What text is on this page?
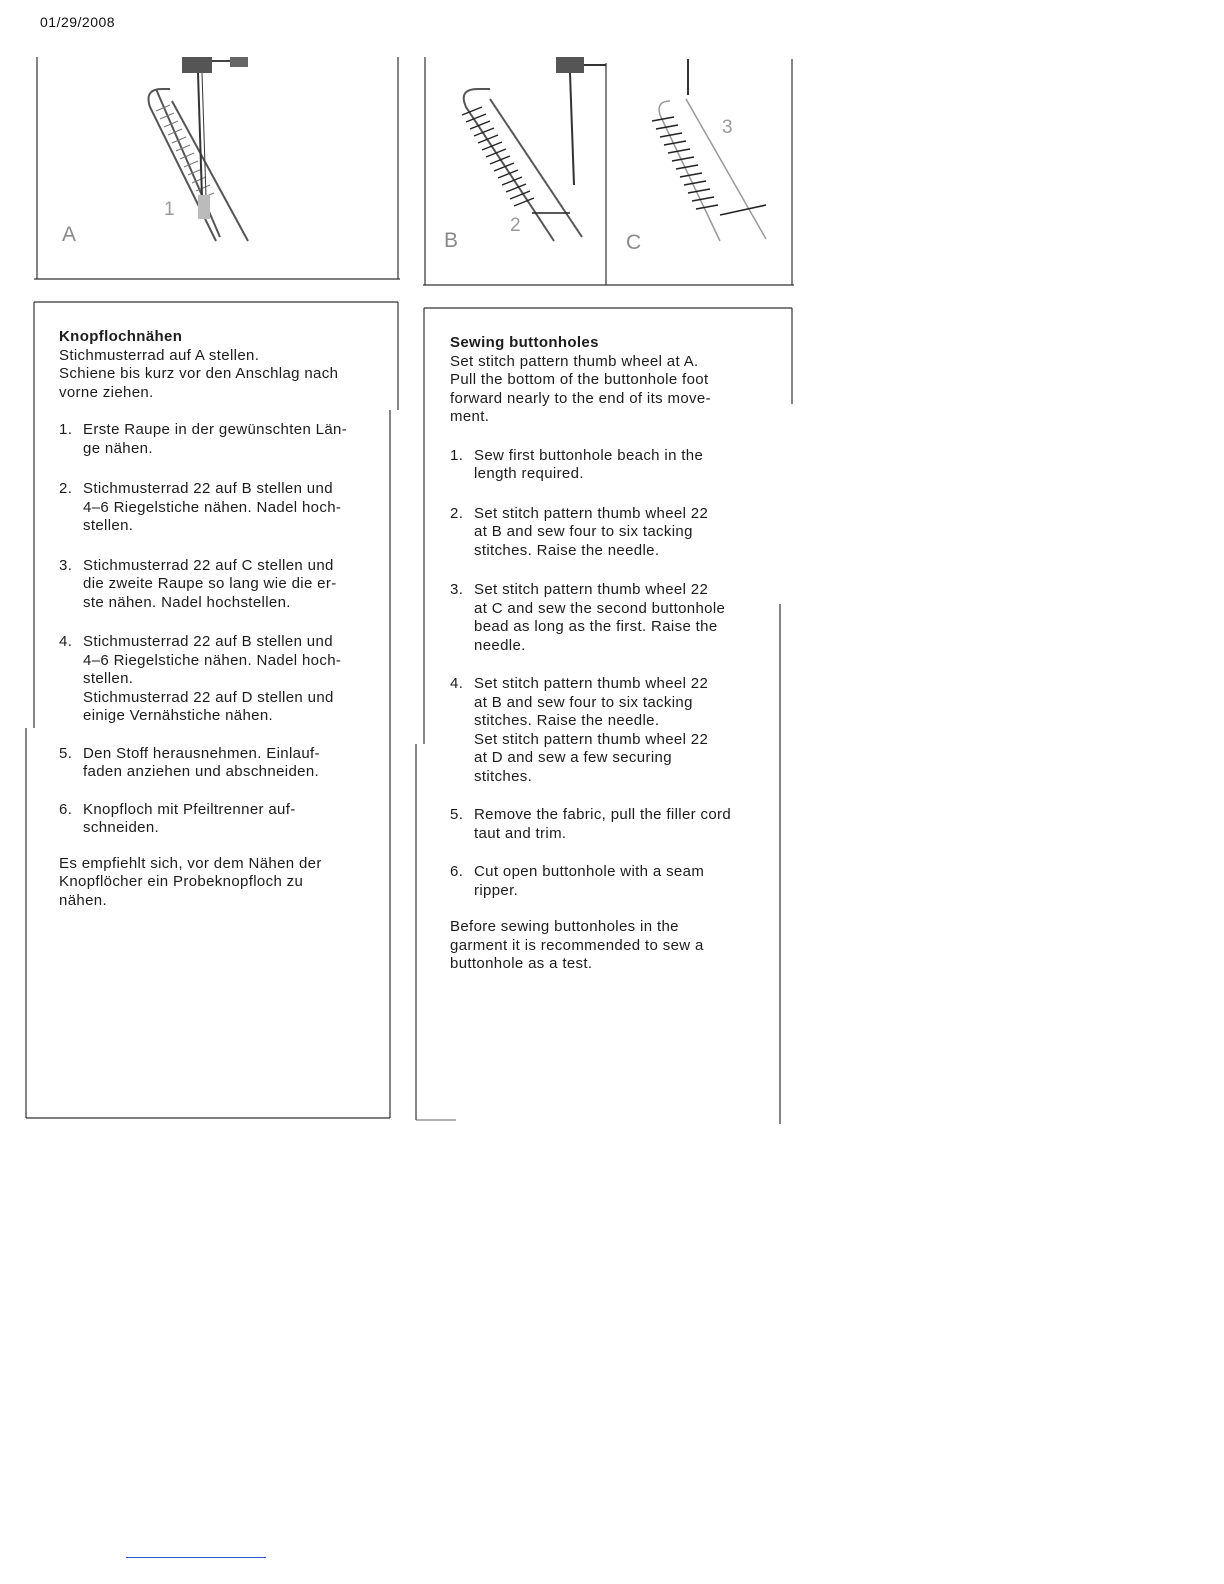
01/29/2008
A
1
B
2
C
3
Knopflochnähen

Stichmusterrad auf A stellen.

Schiene bis kurz vor den Anschlag nach

vorne ziehen.

1. Erste Raupe in der gewünschten Län-
ge nähen.
2. Stichmusterrad 22 auf B stellen und
4–6 Riegelstiche nähen. Nadel hoch-
stellen.
3. Stichmusterrad 22 auf C stellen und
die zweite Raupe so lang wie die er-
ste nähen. Nadel hochstellen.
4. Stichmusterrad 22 auf B stellen und
4–6 Riegelstiche nähen. Nadel hoch-
stellen.
Stichmusterrad 22 auf D stellen und
einige Vernähstiche nähen.
5. Den Stoff herausnehmen. Einlauf-
faden anziehen und abschneiden.
6. Knopfloch mit Pfeiltrenner auf-
schneiden.

Es empfiehlt sich, vor dem Nähen der

Knopflöcher ein Probeknopfloch zu

nähen.

Sewing buttonholes

Set stitch pattern thumb wheel at A.

Pull the bottom of the buttonhole foot

forward nearly to the end of its move-

ment.

1. Sew first buttonhole beach in the
length required.
2. Set stitch pattern thumb wheel 22
at B and sew four to six tacking
stitches. Raise the needle.
3. Set stitch pattern thumb wheel 22
at C and sew the second buttonhole
bead as long as the first. Raise the
needle.
4. Set stitch pattern thumb wheel 22
at B and sew four to six tacking
stitches. Raise the needle.
Set stitch pattern thumb wheel 22
at D and sew a few securing
stitches.
5. Remove the fabric, pull the filler cord
taut and trim.
6. Cut open buttonhole with a seam
ripper.

Before sewing buttonholes in the

garment it is recommended to sew a

buttonhole as a test.
